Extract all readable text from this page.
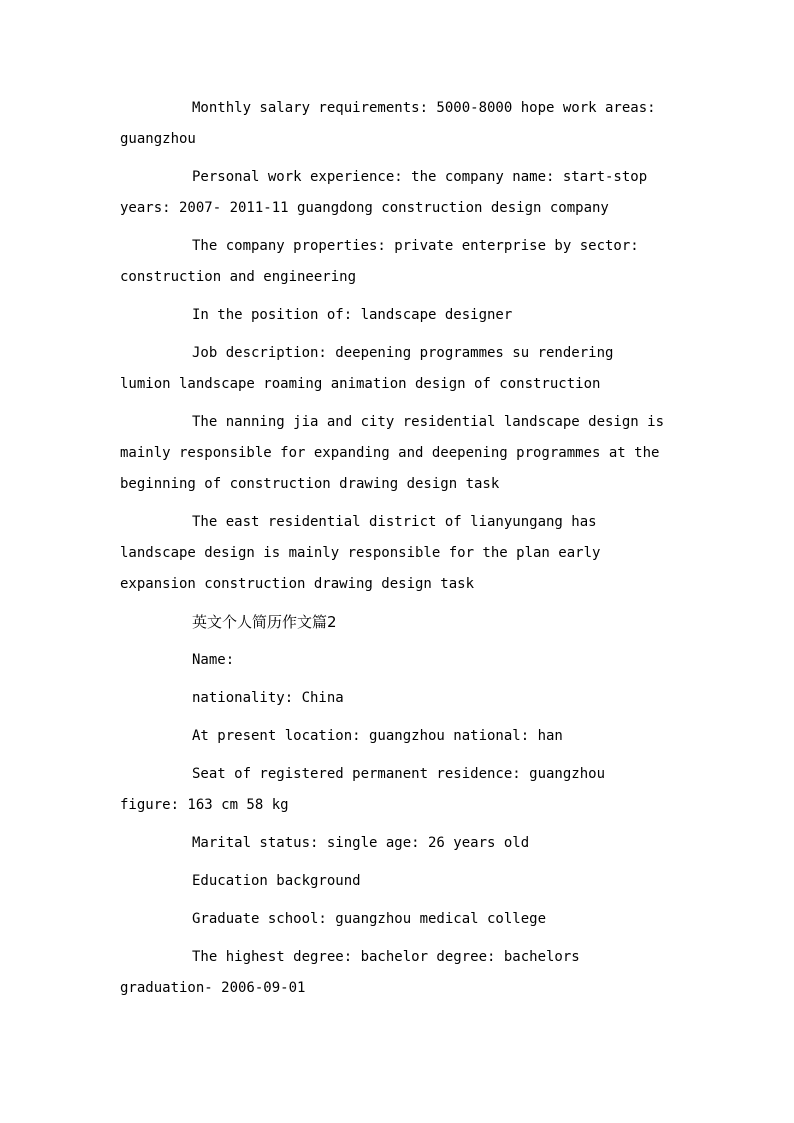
Monthly salary requirements: 5000-8000 hope work areas: guangzhou

Personal work experience: the company name: start-stop years: 2007- 2011-11 guangdong construction design company

The company properties: private enterprise by sector: construction and engineering

In the position of: landscape designer

Job description: deepening programmes su rendering lumion landscape roaming animation design of construction

The nanning jia and city residential landscape design is mainly responsible for expanding and deepening programmes at the beginning of construction drawing design task

The east residential district of lianyungang has landscape design is mainly responsible for the plan early expansion construction drawing design task

英文个人简历作文篇2

Name:

nationality: China

At present location: guangzhou national: han

Seat of registered permanent residence: guangzhou figure: 163 cm 58 kg

Marital status: single age: 26 years old

Education background

Graduate school: guangzhou medical college

The highest degree: bachelor degree: bachelors graduation- 2006-09-01
